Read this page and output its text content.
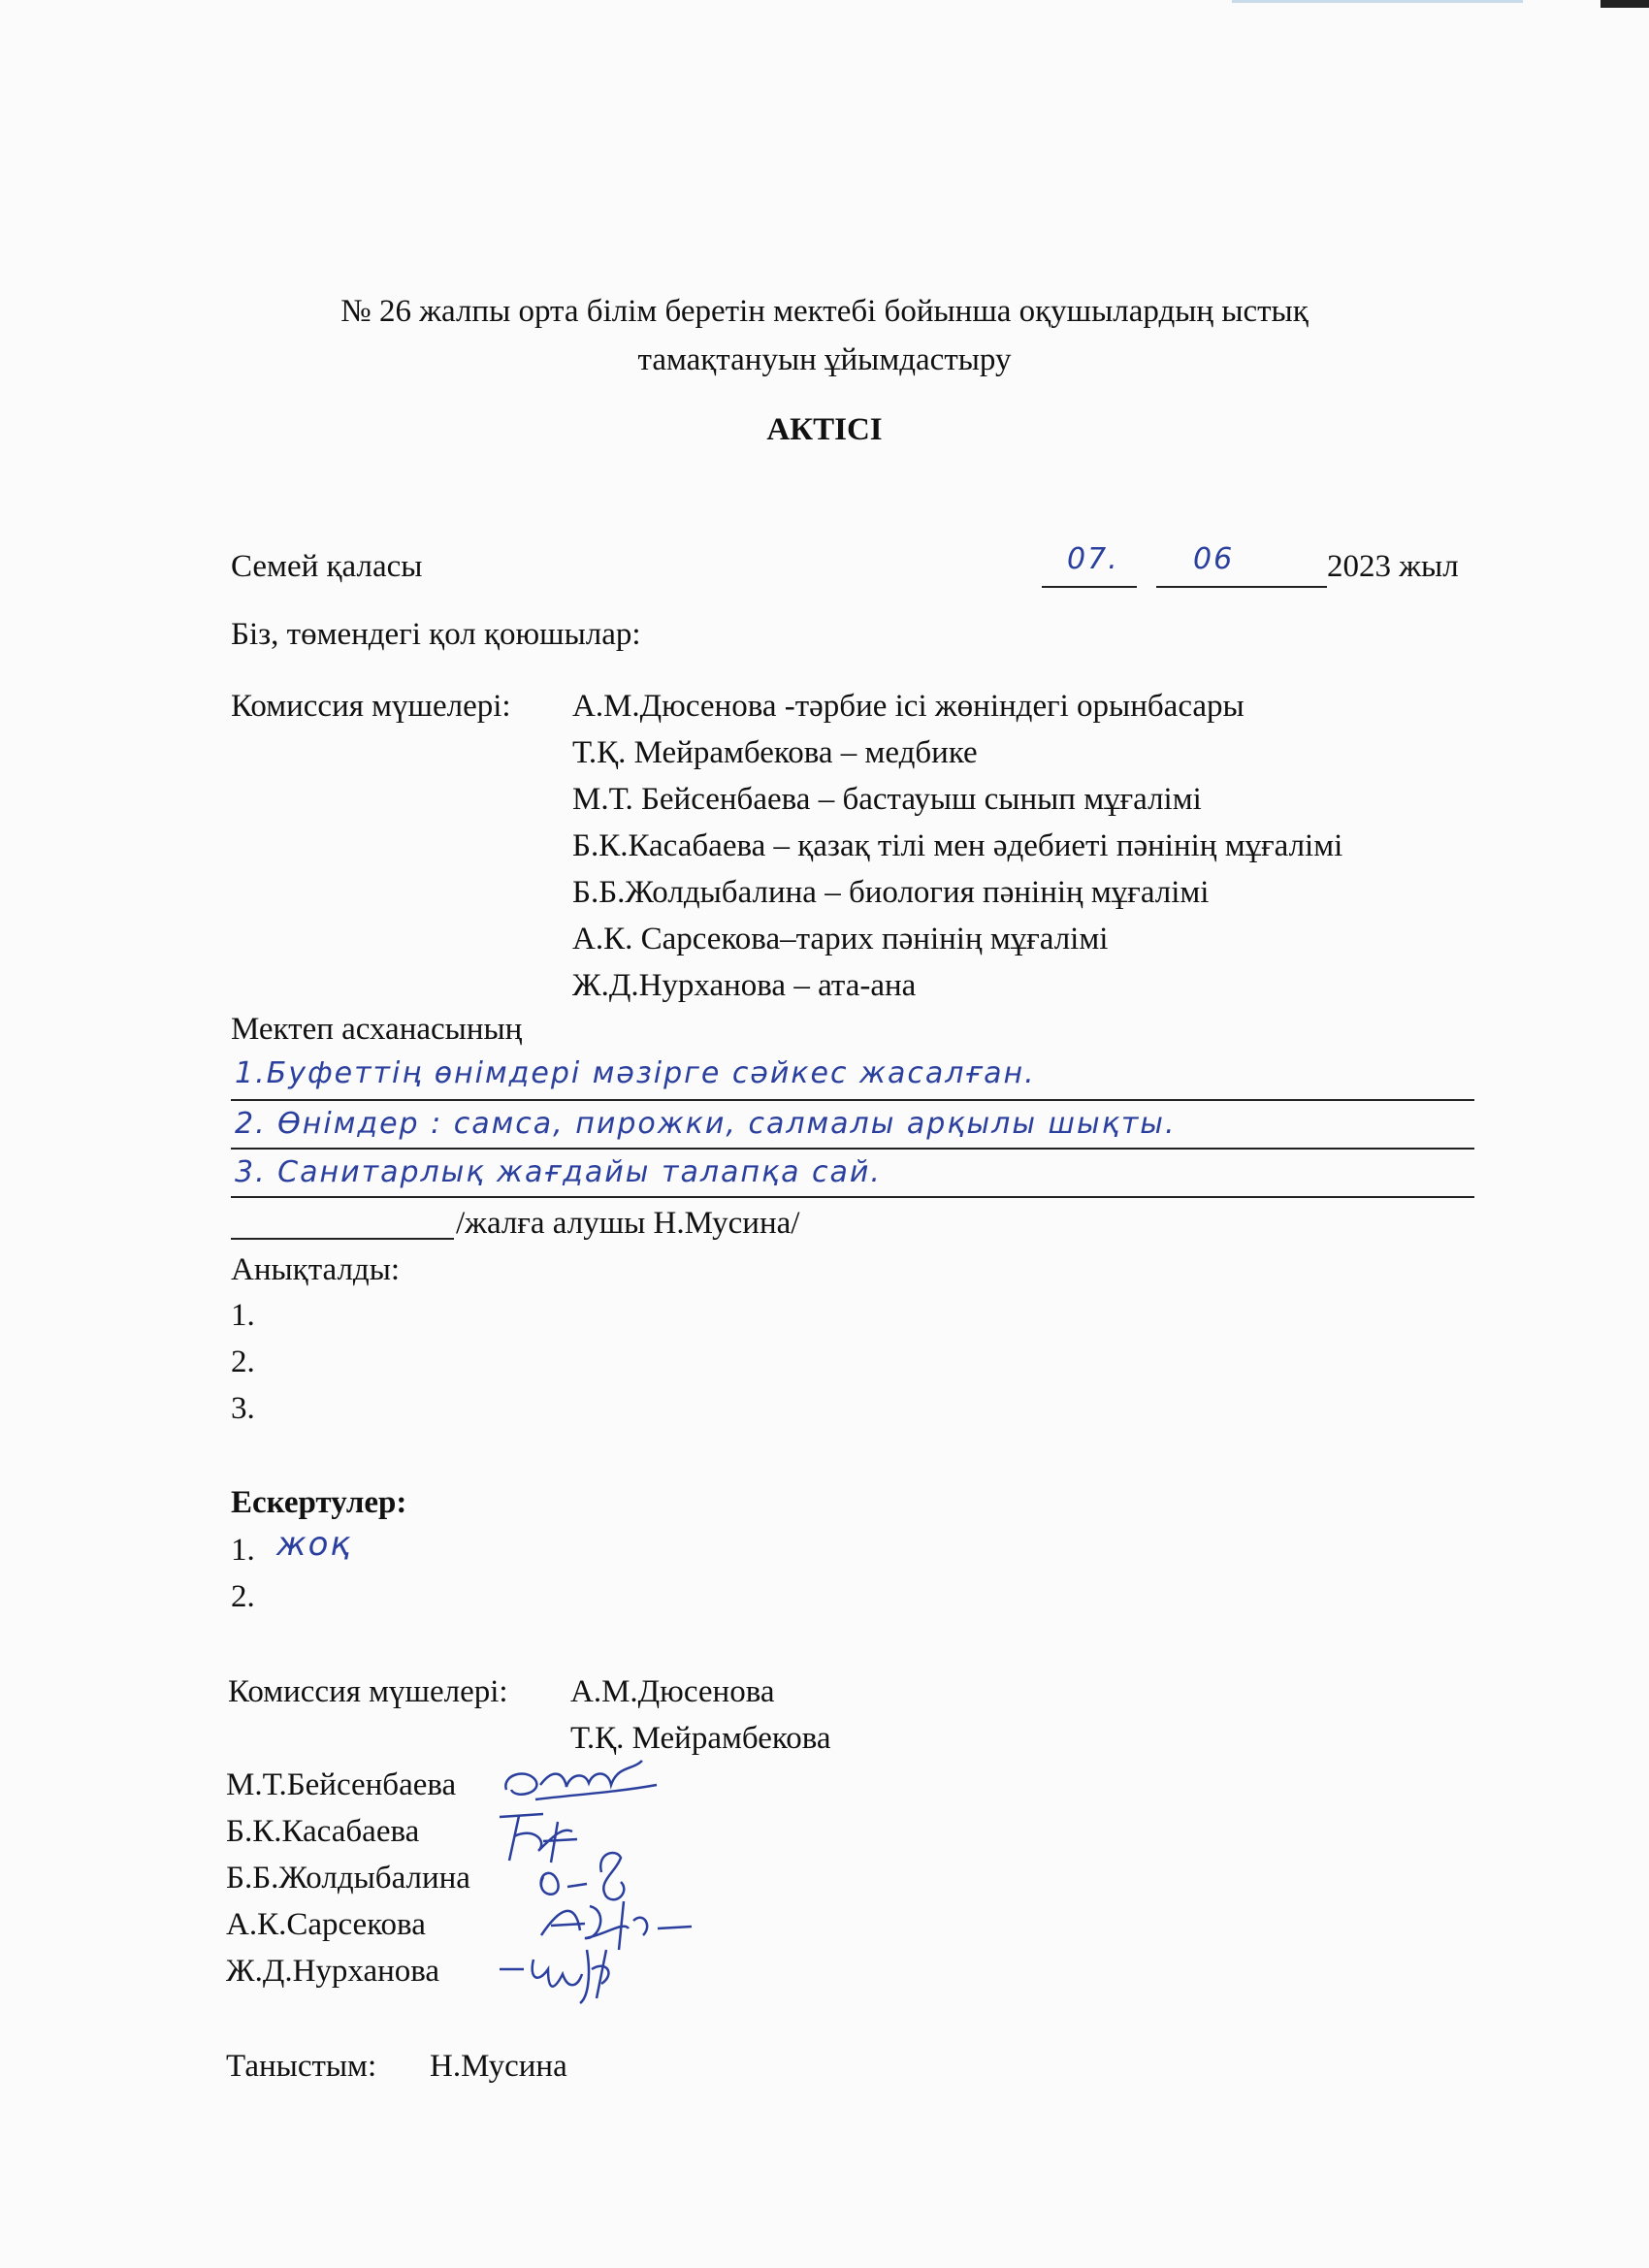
№ 26 жалпы орта білім беретін мектебі бойынша оқушылардың ыстық
тамақтануын ұйымдастыру
АКТІСІ
Семей қаласы	07.	06	2023 жыл
Біз, төмендегі қол қоюшылар:
Комиссия мүшелері: А.М.Дюсенова -тәрбие ісі жөніндегі орынбасары
Т.Қ. Мейрамбекова – медбике
М.Т. Бейсенбаева – бастауыш сынып мұғалімі
Б.К.Касабаева – қазақ тілі мен әдебиеті пәнінің мұғалімі
Б.Б.Жолдыбалина – биология пәнінің мұғалімі
А.К. Сарсекова–тарих пәнінің мұғалімі
Ж.Д.Нурханова – ата-ана
Мектеп асханасының
1.Буфеттің өнімдері мәзірге сәйкес жасалған.
2. Өнімдер : самса, пирожки, салмалы арқылы шықты.
3. Санитарлық жағдайы талапқа сай.
/жалға алушы Н.Мусина/
Анықталды:
1.
2.
3.
Ескертулер:
1. жоқ
2.
Комиссия мүшелері: А.М.Дюсенова
Т.Қ. Мейрамбекова
М.Т.Бейсенбаева
Б.К.Касабаева
Б.Б.Жолдыбалина
А.К.Сарсекова
Ж.Д.Нурханова
Таныстым: Н.Мусина
